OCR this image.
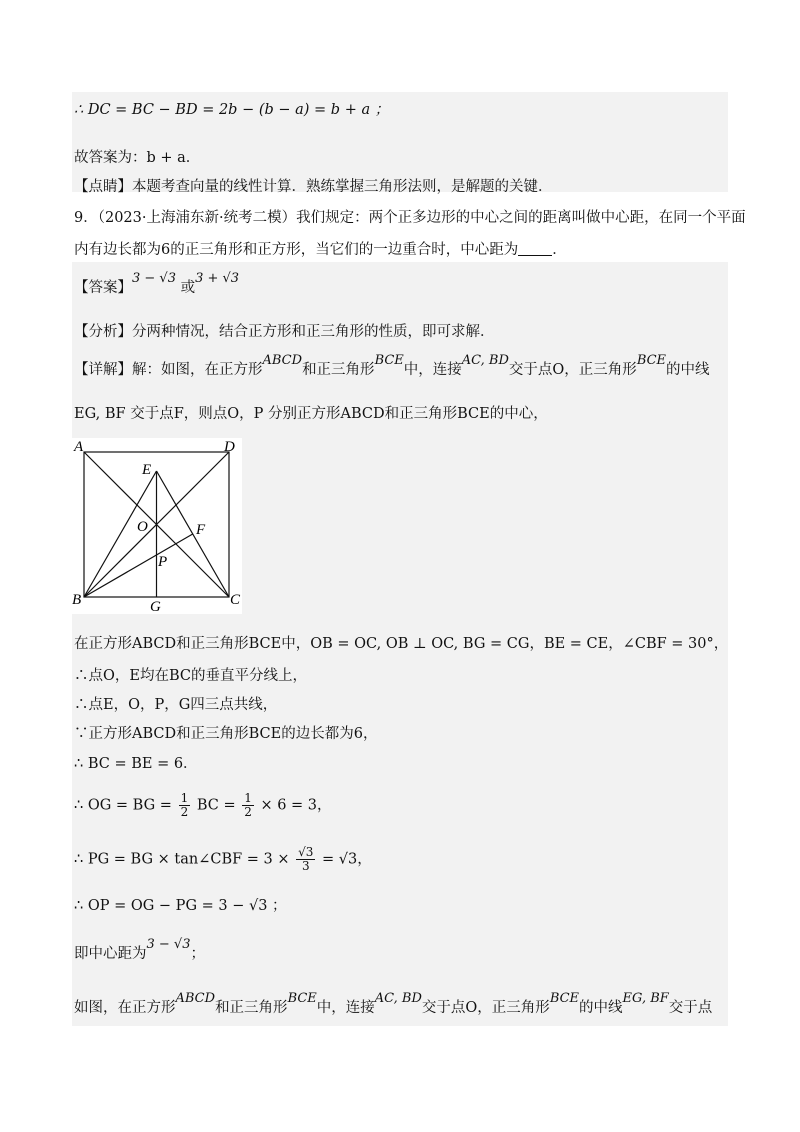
∴ DC = BC − BD = 2b − (b − a) = b + a ；
故答案为：b + a．
【点睛】本题考查向量的线性计算．熟练掌握三角形法则，是解题的关键．
9．（2023·上海浦东新·统考二模）我们规定：两个正多边形的中心之间的距离叫做中心距，在同一个平面
内有边长都为6的正三角形和正方形，当它们的一边重合时，中心距为 ．
【答案】3 − √3 或3 + √3
【分析】分两种情况，结合正方形和正三角形的性质，即可求解．
【详解】解：如图，在正方形ABCD和正三角形BCE中，连接AC, BD交于点O，正三角形BCE的中线
EG, BF 交于点F，则点O，P 分别正方形ABCD和正三角形BCE的中心，
A	D
E
O	F
P
B	C
G
在正方形ABCD和正三角形BCE中，OB = OC, OB ⊥ OC, BG = CG，BE = CE，∠CBF = 30°，
∴点O，E均在BC的垂直平分线上，
∴点E，O，P，G四三点共线，
∵正方形ABCD和正三角形BCE的边长都为6，
∴ BC = BE = 6．
∴ OG = BG = $\frac{1}{2}$ BC = $\frac{1}{2} \times 6 = 3$，
∴ PG = BG × tan∠CBF = $3 \times \frac{√3}{3} = √3$，
∴ OP = OG − PG = 3 − √3 ；
即中心距为3 − √3；
如图，在正方形ABCD和正三角形BCE中，连接AC, BD交于点O，正三角形BCE的中线EG, BF交于点
